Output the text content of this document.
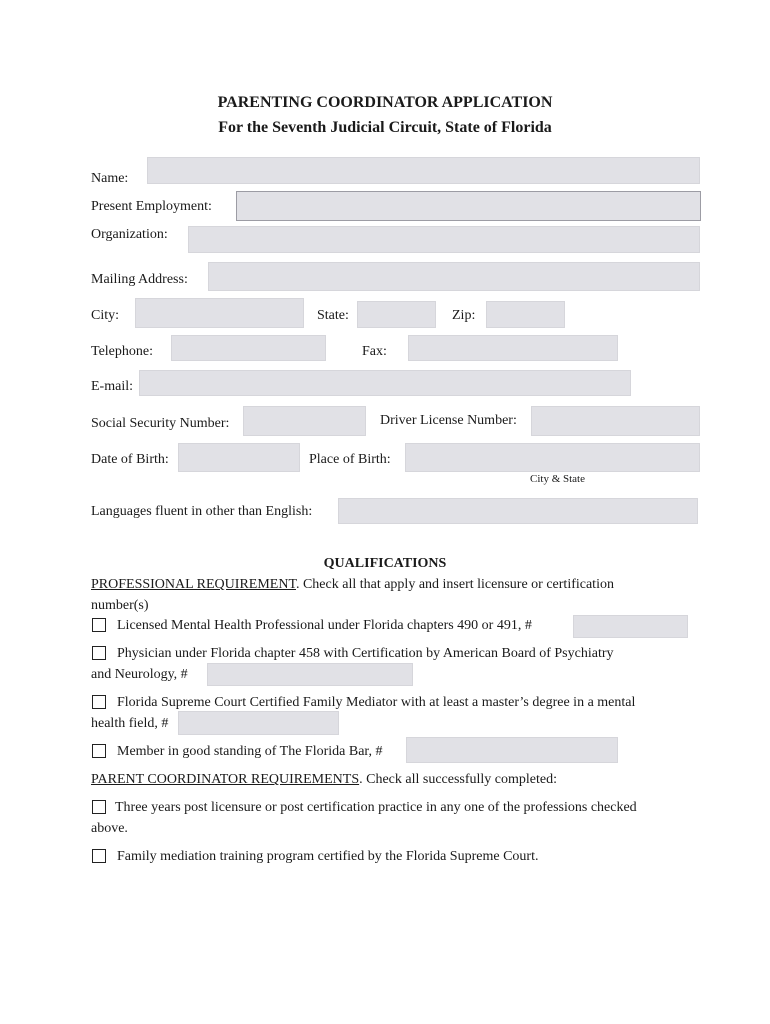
PARENTING COORDINATOR APPLICATION
For the Seventh Judicial Circuit, State of Florida
Name:
Present Employment:
Organization:
Mailing Address:
City:	State:	Zip:
Telephone:	Fax:
E-mail:
Social Security Number:	Driver License Number:
Date of Birth:	Place of Birth:
City & State
Languages fluent in other than English:
QUALIFICATIONS
PROFESSIONAL REQUIREMENT. Check all that apply and insert licensure or certification
number(s)
Licensed Mental Health Professional under Florida chapters 490 or 491, #
Physician under Florida chapter 458 with Certification by American Board of Psychiatry
and Neurology, #
Florida Supreme Court Certified Family Mediator with at least a master’s degree in a mental
health field, #
Member in good standing of The Florida Bar, #
PARENT COORDINATOR REQUIREMENTS. Check all successfully completed:
Three years post licensure or post certification practice in any one of the professions checked
above.
Family mediation training program certified by the Florida Supreme Court.
